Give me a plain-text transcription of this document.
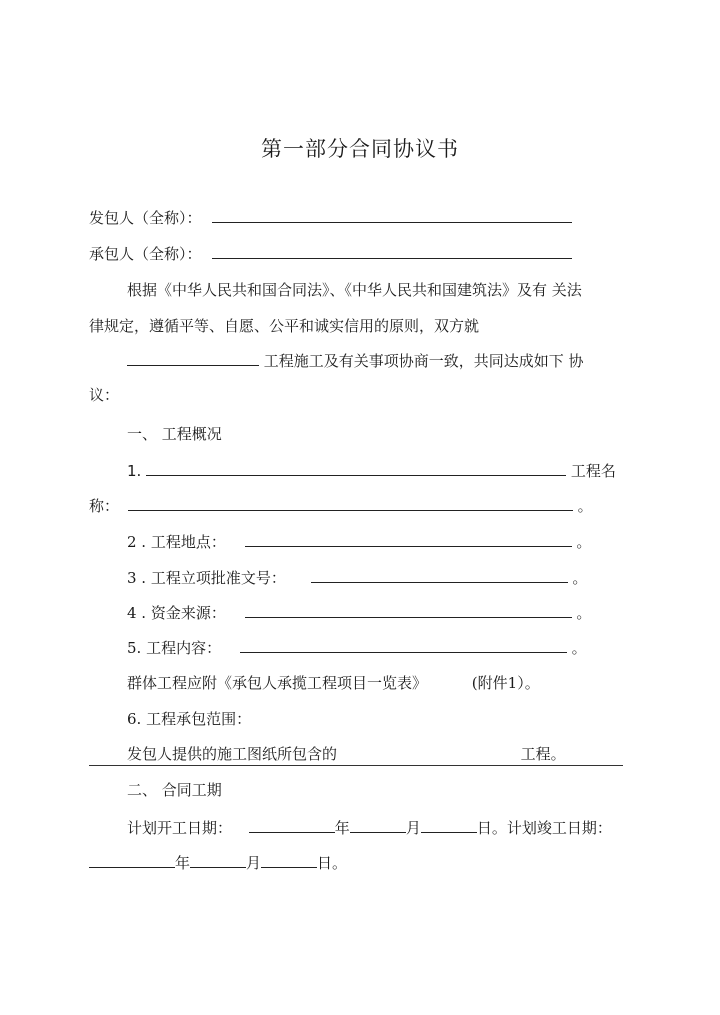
第一部分合同协议书
发包人（全称）：
承包人（全称）：
根据《中华人民共和国合同法》、《中华人民共和国建筑法》及有 关法
律规定，遵循平等、自愿、公平和诚实信用的原则，双方就
工程施工及有关事项协商一致，共同达成如下 协
议：
一、 工程概况
1.	工程名
称：	。
2 . 工程地点：	。
3 . 工程立项批准文号：	。
4 . 资金来源：	。
5. 工程内容：	。
群体工程应附《承包人承揽工程项目一览表》	(附件1）。
6. 工程承包范围：
发包人提供的施工图纸所包含的	工程。
二、 合同工期
计划开工日期：	年	月	日。计划竣工日期：
年	月	日。
